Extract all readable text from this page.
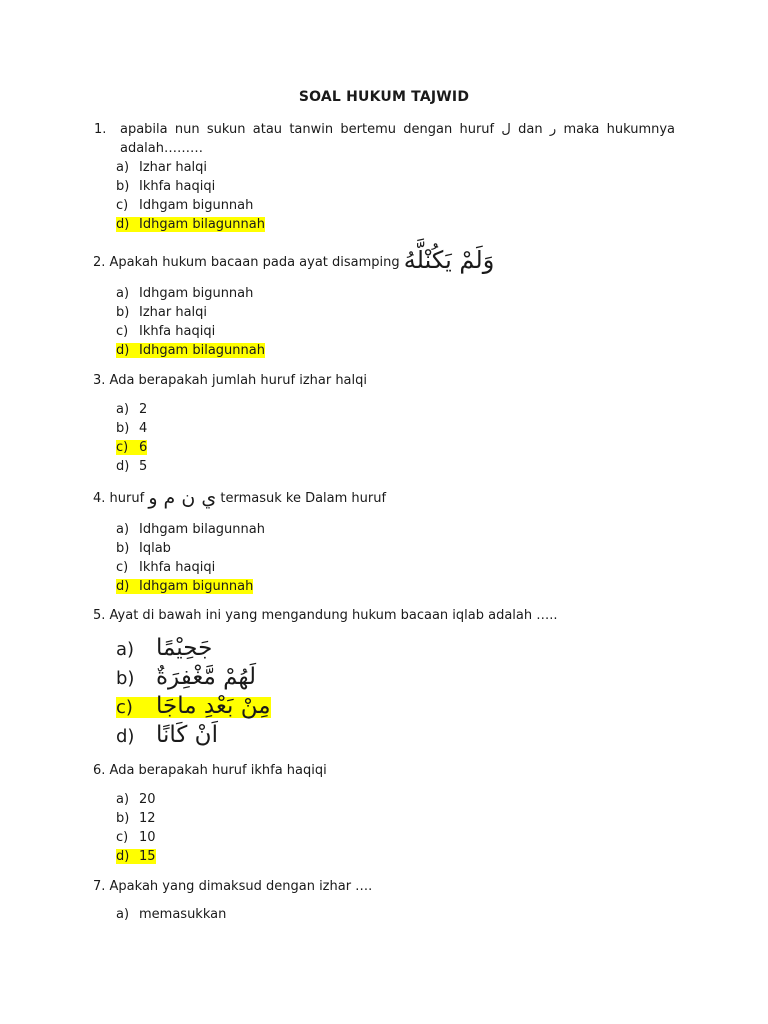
SOAL HUKUM TAJWID
1. apabila nun sukun atau tanwin bertemu dengan huruf ل dan ر maka hukumnya adalah………
a) Izhar halqi
b) Ikhfa haqiqi
c) Idhgam bigunnah
d) Idhgam bilagunnah
2. Apakah hukum bacaan pada ayat disamping وَلَمْ يَكُنْلَّهُ
a) Idhgam bigunnah
b) Izhar halqi
c) Ikhfa haqiqi
d) Idhgam bilagunnah
3. Ada berapakah jumlah huruf izhar halqi
a) 2
b) 4
c) 6
d) 5
4. huruf ي ن م و termasuk ke Dalam huruf
a) Idhgam bilagunnah
b) Iqlab
c) Ikhfa haqiqi
d) Idhgam bigunnah
5. Ayat di bawah ini yang mengandung hukum bacaan iqlab adalah …..
a) جَحِيْمًا
b) لَهُمْ مَّغْفِرَةٌ
c) مِنْ بَعْدِ ماجَا
d) اَنْ كَانًا
6. Ada berapakah huruf ikhfa haqiqi
a) 20
b) 12
c) 10
d) 15
7. Apakah yang dimaksud dengan izhar ….
a) memasukkan
